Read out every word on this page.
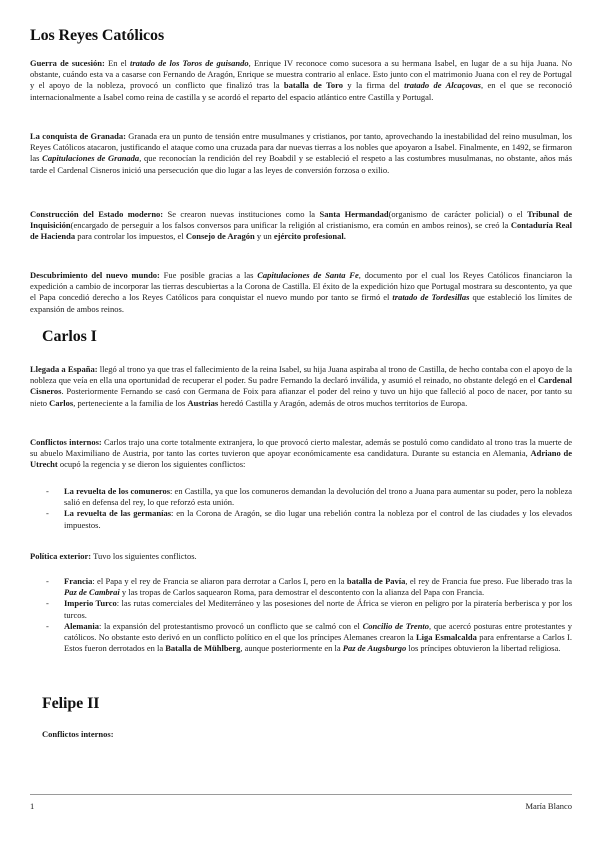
Los Reyes Católicos

Guerra de sucesión: En el tratado de los Toros de guisando, Enrique IV reconoce como sucesora a su hermana Isabel, en lugar de a su hija Juana. No obstante, cuándo esta va a casarse con Fernando de Aragón, Enrique se muestra contrario al enlace. Esto junto con el matrimonio Juana con el rey de Portugal y el apoyo de la nobleza, provocó un conflicto que finalizó tras la batalla de Toro y la firma del tratado de Alcaçovas, en el que se reconoció internacionalmente a Isabel como reina de castilla y se acordó el reparto del espacio atlántico entre Castilla y Portugal.

La conquista de Granada: Granada era un punto de tensión entre musulmanes y cristianos, por tanto, aprovechando la inestabilidad del reino musulman, los Reyes Católicos atacaron, justificando el ataque como una cruzada para dar nuevas tierras a los nobles que apoyaron a Isabel. Finalmente, en 1492, se firmaron las Capitulaciones de Granada, que reconocían la rendición del rey Boabdil y se estableció el respeto a las costumbres musulmanas, no obstante, años más tarde el Cardenal Cisneros inició una persecución que dio lugar a las leyes de conversión forzosa o exilio.

Construcción del Estado moderno: Se crearon nuevas instituciones como la Santa Hermandad(organismo de carácter policial) o el Tribunal de Inquisición(encargado de perseguir a los falsos conversos para unificar la religión al cristianismo, era común en ambos reinos), se creó la Contaduría Real de Hacienda para controlar los impuestos, el Consejo de Aragón y un ejército profesional.

Descubrimiento del nuevo mundo: Fue posible gracias a las Capitulaciones de Santa Fe, documento por el cual los Reyes Católicos financiaron la expedición a cambio de incorporar las tierras descubiertas a la Corona de Castilla. El éxito de la expedición hizo que Portugal mostrara su descontento, ya que el Papa concedió derecho a los Reyes Católicos para conquistar el nuevo mundo por tanto se firmó el tratado de Tordesillas que estableció los límites de expansión de ambos reinos.

Carlos I

Llegada a España: llegó al trono ya que tras el fallecimiento de la reina Isabel, su hija Juana aspiraba al trono de Castilla, de hecho contaba con el apoyo de la nobleza que veía en ella una oportunidad de recuperar el poder. Su padre Fernando la declaró inválida, y asumió el reinado, no obstante delegó en el Cardenal Cisneros. Posteriormente Fernando se casó con Germana de Foix para afianzar el poder del reino y tuvo un hijo que falleció al poco de nacer, por tanto su nieto Carlos, perteneciente a la familia de los Austrias heredó Castilla y Aragón, además de otros muchos territorios de Europa.

Conflictos internos: Carlos trajo una corte totalmente extranjera, lo que provocó cierto malestar, además se postuló como candidato al trono tras la muerte de su abuelo Maximiliano de Austria, por tanto las cortes tuvieron que apoyar económicamente esa candidatura. Durante su estancia en Alemania, Adriano de Utrecht ocupó la regencia y se dieron los siguientes conflictos:

- La revuelta de los comuneros: en Castilla, ya que los comuneros demandan la devolución del trono a Juana para aumentar su poder, pero la nobleza salió en defensa del rey, lo que reforzó esta unión.
- La revuelta de las germanías: en la Corona de Aragón, se dio lugar una rebelión contra la nobleza por el control de las ciudades y los elevados impuestos.

Política exterior: Tuvo los siguientes conflictos.

- Francia: el Papa y el rey de Francia se aliaron para derrotar a Carlos I, pero en la batalla de Pavía, el rey de Francia fue preso. Fue liberado tras la Paz de Cambrai y las tropas de Carlos saquearon Roma, para demostrar el descontento con la alianza del Papa con Francia.
- Imperio Turco: las rutas comerciales del Mediterráneo y las posesiones del norte de África se vieron en peligro por la piratería berberisca y por los turcos.
- Alemania: la expansión del protestantismo provocó un conflicto que se calmó con el Concilio de Trento, que acercó posturas entre protestantes y católicos. No obstante esto derivó en un conflicto político en el que los príncipes Alemanes crearon la Liga Esmalcalda para enfrentarse a Carlos I. Estos fueron derrotados en la Batalla de Mühlberg, aunque posteriormente en la Paz de Augsburgo los príncipes obtuvieron la libertad religiosa.
Felipe II

Conflictos internos:

1	María Blanco
